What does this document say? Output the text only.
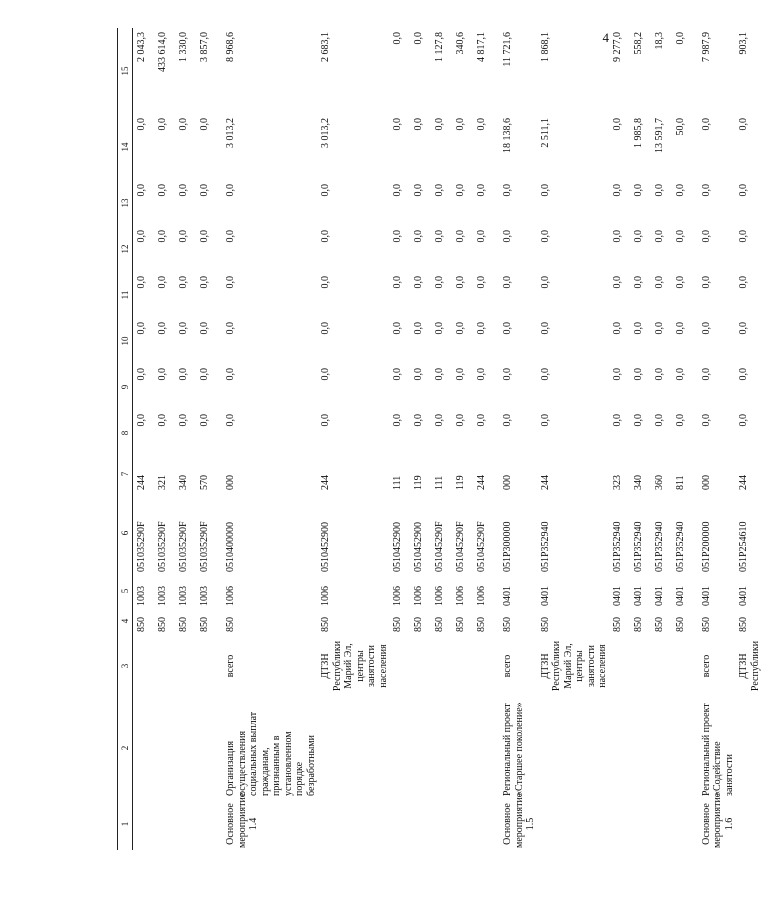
4
1	2	3	4	5	6	7	8	9	10	11	12	13	14	15
			850	1003	051035290F	244	0,0	0,0	0,0	0,0	0,0	0,0	0,0	2 043,3
			850	1003	051035290F	321	0,0	0,0	0,0	0,0	0,0	0,0	0,0	433 614,0
			850	1003	051035290F	340	0,0	0,0	0,0	0,0	0,0	0,0	0,0	1 330,0
			850	1003	051035290F	570	0,0	0,0	0,0	0,0	0,0	0,0	0,0	3 857,0
Основное мероприятие 1.4	Организация осуществления социальных выплат гражданам, признанным в установленном порядке безработными	всего	850	1006	0510400000	000	0,0	0,0	0,0	0,0	0,0	0,0	3 013,2	8 968,6
		ДТЗН Республики Марий Эл, центры занятости населения	850	1006	0510452900	244	0,0	0,0	0,0	0,0	0,0	0,0	3 013,2	2 683,1
			850	1006	0510452900	111	0,0	0,0	0,0	0,0	0,0	0,0	0,0	0,0
			850	1006	0510452900	119	0,0	0,0	0,0	0,0	0,0	0,0	0,0	0,0
			850	1006	051045290F	111	0,0	0,0	0,0	0,0	0,0	0,0	0,0	1 127,8
			850	1006	051045290F	119	0,0	0,0	0,0	0,0	0,0	0,0	0,0	340,6
			850	1006	051045290F	244	0,0	0,0	0,0	0,0	0,0	0,0	0,0	4 817,1
Основное мероприятие 1.5	Региональный проект «Старшее поколение»	всего	850	0401	051P300000	000	0,0	0,0	0,0	0,0	0,0	0,0	18 138,6	11 721,6
		ДТЗН Республики Марий Эл, центры занятости населения	850	0401	051P352940	244	0,0	0,0	0,0	0,0	0,0	0,0	2 511,1	1 868,1
			850	0401	051P352940	323	0,0	0,0	0,0	0,0	0,0	0,0	0,0	9 277,0
			850	0401	051P352940	340	0,0	0,0	0,0	0,0	0,0	0,0	1 985,8	558,2
			850	0401	051P352940	360	0,0	0,0	0,0	0,0	0,0	0,0	13 591,7	18,3
			850	0401	051P352940	811	0,0	0,0	0,0	0,0	0,0	0,0	50,0	0,0
Основное мероприятие 1.6	Региональный проект «Содействие занятости	всего	850	0401	051P200000	000	0,0	0,0	0,0	0,0	0,0	0,0	0,0	7 987,9
		ДТЗН Республики	850	0401	051P254610	244	0,0	0,0	0,0	0,0	0,0	0,0	0,0	903,1
